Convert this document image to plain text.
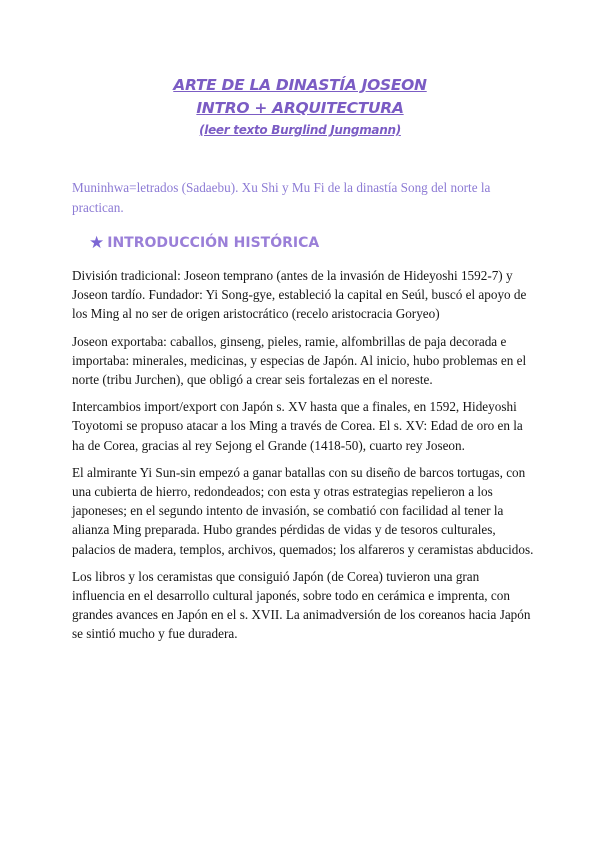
ARTE DE LA DINASTÍA JOSEON
INTRO + ARQUITECTURA
(leer texto Burglind Jungmann)
Muninhwa=letrados (Sadaebu). Xu Shi y Mu Fi de la dinastía Song del norte la practican.
★ INTRODUCCIÓN HISTÓRICA

División tradicional: Joseon temprano (antes de la invasión de Hideyoshi 1592-7) y Joseon tardío. Fundador: Yi Song-gye, estableció la capital en Seúl, buscó el apoyo de los Ming al no ser de origen aristocrático (recelo aristocracia Goryeo)

Joseon exportaba: caballos, ginseng, pieles, ramie, alfombrillas de paja decorada e importaba: minerales, medicinas, y especias de Japón. Al inicio, hubo problemas en el norte (tribu Jurchen), que obligó a crear seis fortalezas en el noreste.

Intercambios import/export con Japón s. XV hasta que a finales, en 1592, Hideyoshi Toyotomi se propuso atacar a los Ming a través de Corea. El s. XV: Edad de oro en la ha de Corea, gracias al rey Sejong el Grande (1418-50), cuarto rey Joseon.

El almirante Yi Sun-sin empezó a ganar batallas con su diseño de barcos tortugas, con una cubierta de hierro, redondeados; con esta y otras estrategias repelieron a los japoneses; en el segundo intento de invasión, se combatió con facilidad al tener la alianza Ming preparada. Hubo grandes pérdidas de vidas y de tesoros culturales, palacios de madera, templos, archivos, quemados; los alfareros y ceramistas abducidos.

Los libros y los ceramistas que consiguió Japón (de Corea) tuvieron una gran influencia en el desarrollo cultural japonés, sobre todo en cerámica e imprenta, con grandes avances en Japón en el s. XVII. La animadversión de los coreanos hacia Japón se sintió mucho y fue duradera.
